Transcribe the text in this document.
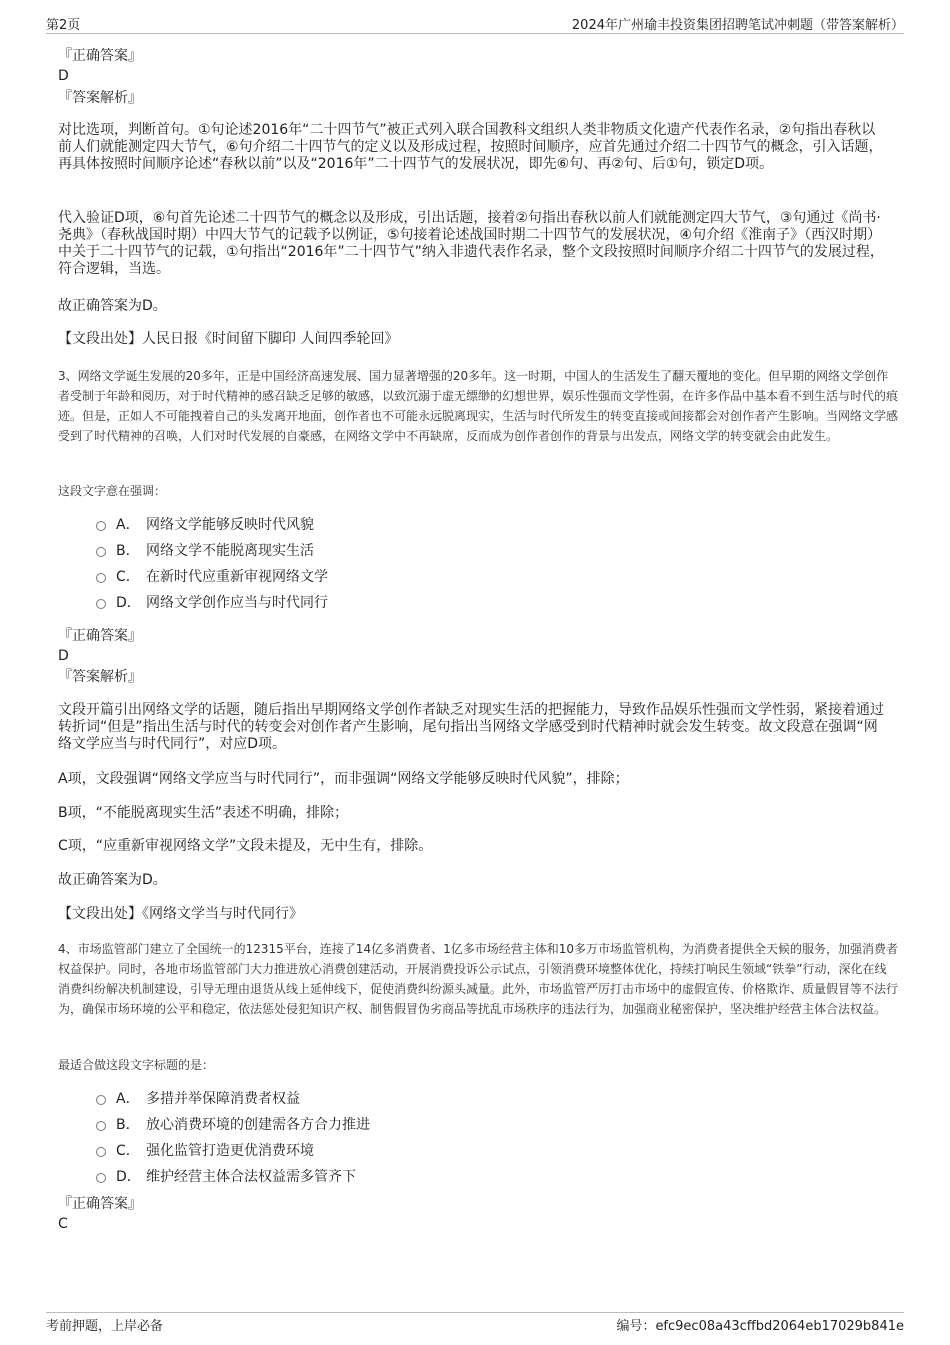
第2页	2024年广州瑜丰投资集团招聘笔试冲刺题（带答案解析）
『正确答案』
D
『答案解析』
对比选项，判断首句。①句论述2016年“二十四节气”被正式列入联合国教科文组织人类非物质文化遗产代表作名录，②句指出春秋以前人们就能测定四大节气，⑥句介绍二十四节气的定义以及形成过程，按照时间顺序，应首先通过介绍二十四节气的概念，引入话题，再具体按照时间顺序论述“春秋以前”以及“2016年”二十四节气的发展状况，即先⑥句、再②句、后①句，锁定D项。
代入验证D项，⑥句首先论述二十四节气的概念以及形成，引出话题，接着②句指出春秋以前人们就能测定四大节气，③句通过《尚书·尧典》（春秋战国时期）中四大节气的记载予以例证，⑤句接着论述战国时期二十四节气的发展状况，④句介绍《淮南子》（西汉时期）中关于二十四节气的记载，①句指出“2016年”二十四节气”纳入非遗代表作名录，整个文段按照时间顺序介绍二十四节气的发展过程，符合逻辑，当选。
故正确答案为D。
【文段出处】人民日报《时间留下脚印 人间四季轮回》
3、网络文学诞生发展的20多年，正是中国经济高速发展、国力显著增强的20多年。这一时期，中国人的生活发生了翻天覆地的变化。但早期的网络文学创作者受制于年龄和阅历，对于时代精神的感召缺乏足够的敏感，以致沉溺于虚无缥缈的幻想世界，娱乐性强而文学性弱，在许多作品中基本看不到生活与时代的痕迹。但是，正如人不可能拽着自己的头发离开地面，创作者也不可能永远脱离现实，生活与时代所发生的转变直接或间接都会对创作者产生影响。当网络文学感受到了时代精神的召唤，人们对时代发展的自豪感，在网络文学中不再缺席，反而成为创作者创作的背景与出发点，网络文学的转变就会由此发生。
这段文字意在强调：
A． 网络文学能够反映时代风貌
B． 网络文学不能脱离现实生活
C． 在新时代应重新审视网络文学
D． 网络文学创作应当与时代同行
『正确答案』
D
『答案解析』
文段开篇引出网络文学的话题，随后指出早期网络文学创作者缺乏对现实生活的把握能力，导致作品娱乐性强而文学性弱，紧接着通过转折词“但是”指出生活与时代的转变会对创作者产生影响，尾句指出当网络文学感受到时代精神时就会发生转变。故文段意在强调“网络文学应当与时代同行”，对应D项。
A项，文段强调“网络文学应当与时代同行”，而非强调“网络文学能够反映时代风貌”，排除；
B项，“不能脱离现实生活”表述不明确，排除；
C项，“应重新审视网络文学”文段未提及，无中生有，排除。
故正确答案为D。
【文段出处】《网络文学当与时代同行》
4、市场监管部门建立了全国统一的12315平台，连接了14亿多消费者、1亿多市场经营主体和10多万市场监管机构，为消费者提供全天候的服务，加强消费者权益保护。同时，各地市场监管部门大力推进放心消费创建活动，开展消费投诉公示试点，引领消费环境整体优化，持续打响民生领域“铁拳”行动，深化在线消费纠纷解决机制建设，引导无理由退货从线上延伸线下，促使消费纠纷源头减量。此外，市场监管严厉打击市场中的虚假宣传、价格欺诈、质量假冒等不法行为，确保市场环境的公平和稳定，依法惩处侵犯知识产权、制售假冒伪劣商品等扰乱市场秩序的违法行为，加强商业秘密保护，坚决维护经营主体合法权益。
最适合做这段文字标题的是：
A． 多措并举保障消费者权益
B． 放心消费环境的创建需各方合力推进
C． 强化监管打造更优消费环境
D． 维护经营主体合法权益需多管齐下
『正确答案』
C
考前押题，上岸必备	编号：efc9ec08a43cffbd2064eb17029b841e
